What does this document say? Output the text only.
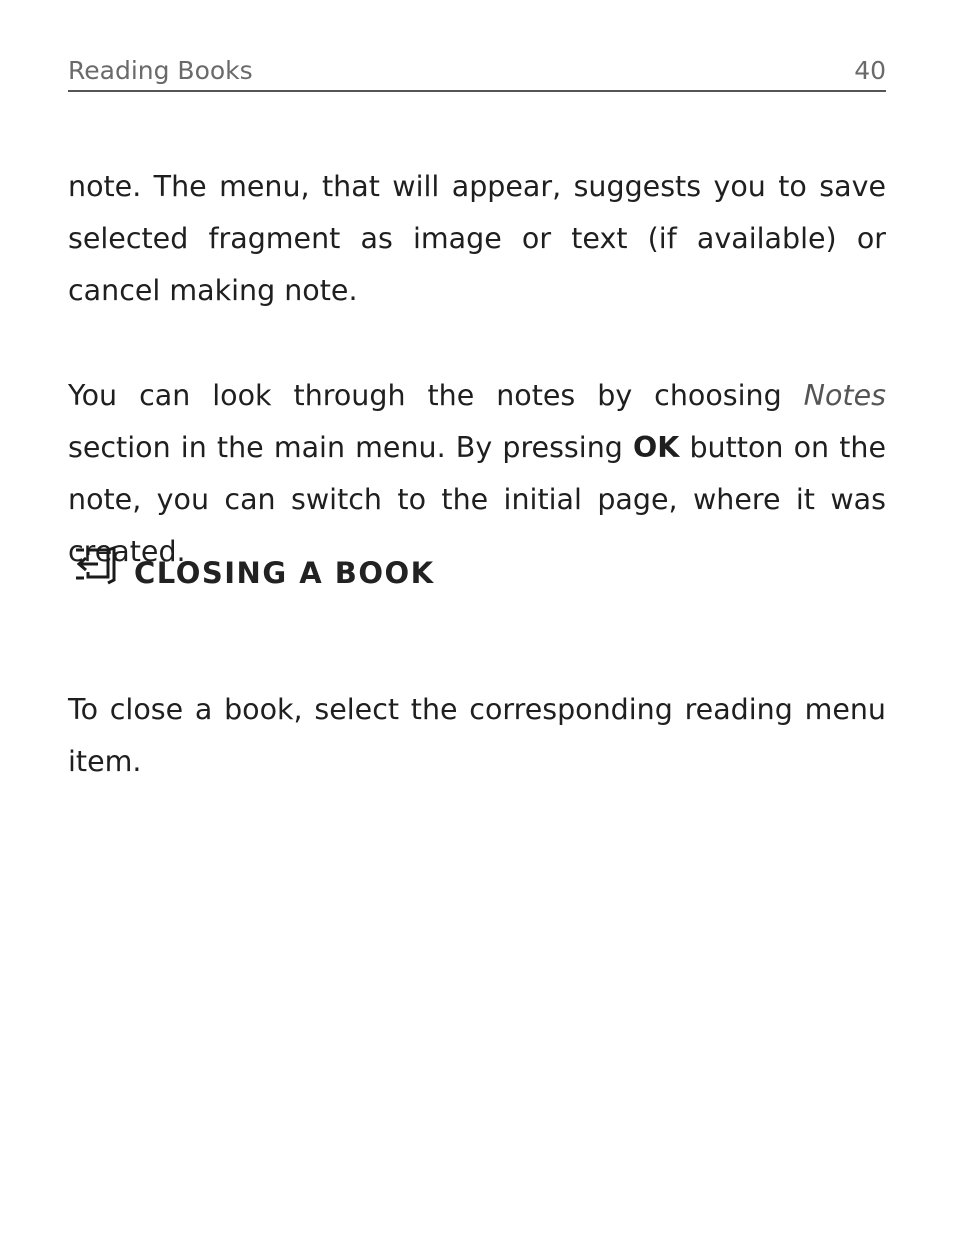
Reading Books	40

note. The menu, that will appear, suggests you to save selected fragment as image or text (if available) or cancel making note.

You can look through the notes by choosing Notes section in the main menu. By pressing OK button on the note, you can switch to the initial page, where it was created.

CLOSING A BOOK

To close a book, select the corresponding reading menu item.
